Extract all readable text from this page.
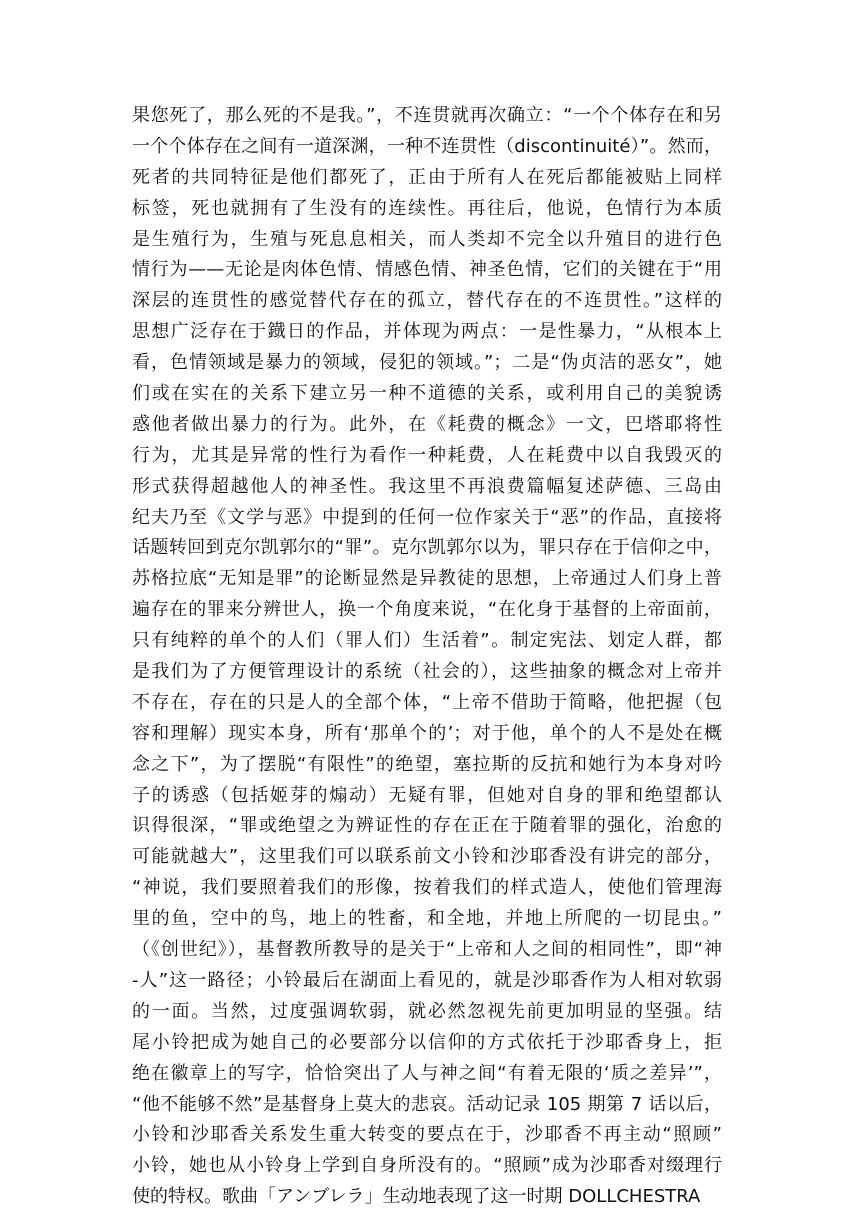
果您死了，那么死的不是我。”，不连贯就再次确立：“一个个体存在和另
一个个体存在之间有一道深渊，一种不连贯性（discontinuité）”。然而，
死者的共同特征是他们都死了，正由于所有人在死后都能被贴上同样
标签，死也就拥有了生没有的连续性。再往后，他说，色情行为本质
是生殖行为，生殖与死息息相关，而人类却不完全以升殖目的进行色
情行为——无论是肉体色情、情感色情、神圣色情，它们的关键在于“用
深层的连贯性的感觉替代存在的孤立，替代存在的不连贯性。”这样的
思想广泛存在于鐡日的作品，并体现为两点：一是性暴力，“从根本上
看，色情领域是暴力的领域，侵犯的领域。”；二是“伪贞洁的恶女”，她
们或在实在的关系下建立另一种不道德的关系，或利用自己的美貌诱
惑他者做出暴力的行为。此外，在《耗费的概念》一文，巴塔耶将性
行为，尤其是异常的性行为看作一种耗费，人在耗费中以自我毁灭的
形式获得超越他人的神圣性。我这里不再浪费篇幅复述萨德、三岛由
纪夫乃至《文学与恶》中提到的任何一位作家关于“恶”的作品，直接将
话题转回到克尔凯郭尔的“罪”。克尔凯郭尔以为，罪只存在于信仰之中，
苏格拉底“无知是罪”的论断显然是异教徒的思想，上帝通过人们身上普
遍存在的罪来分辨世人，换一个角度来说，“在化身于基督的上帝面前，
只有纯粹的单个的人们（罪人们）生活着”。制定宪法、划定人群，都
是我们为了方便管理设计的系统（社会的），这些抽象的概念对上帝并
不存在，存在的只是人的全部个体，“上帝不借助于简略，他把握（包
容和理解）现实本身，所有‘那单个的’；对于他，单个的人不是处在概
念之下”，为了摆脱“有限性”的绝望，塞拉斯的反抗和她行为本身对吟
子的诱惑（包括姬芽的煽动）无疑有罪，但她对自身的罪和绝望都认
识得很深，“罪或绝望之为辨证性的存在正在于随着罪的强化，治愈的
可能就越大”，这里我们可以联系前文小铃和沙耶香没有讲完的部分，
“神说，我们要照着我们的形像，按着我们的样式造人，使他们管理海
里的鱼，空中的鸟，地上的牲畜，和全地，并地上所爬的一切昆虫。”
（《创世纪》），基督教所教导的是关于“上帝和人之间的相同性”，即“神
-人”这一路径；小铃最后在湖面上看见的，就是沙耶香作为人相对软弱
的一面。当然，过度强调软弱，就必然忽视先前更加明显的坚强。结
尾小铃把成为她自己的必要部分以信仰的方式依托于沙耶香身上，拒
绝在徽章上的写字，恰恰突出了人与神之间“有着无限的‘质之差异’”，
“他不能够不然”是基督身上莫大的悲哀。活动记录 105 期第 7 话以后，
小铃和沙耶香关系发生重大转变的要点在于，沙耶香不再主动“照顾”
小铃，她也从小铃身上学到自身所没有的。“照顾”成为沙耶香对缀理行
使的特权。歌曲「アンブレラ」生动地表现了这一时期 DOLLCHESTRA
